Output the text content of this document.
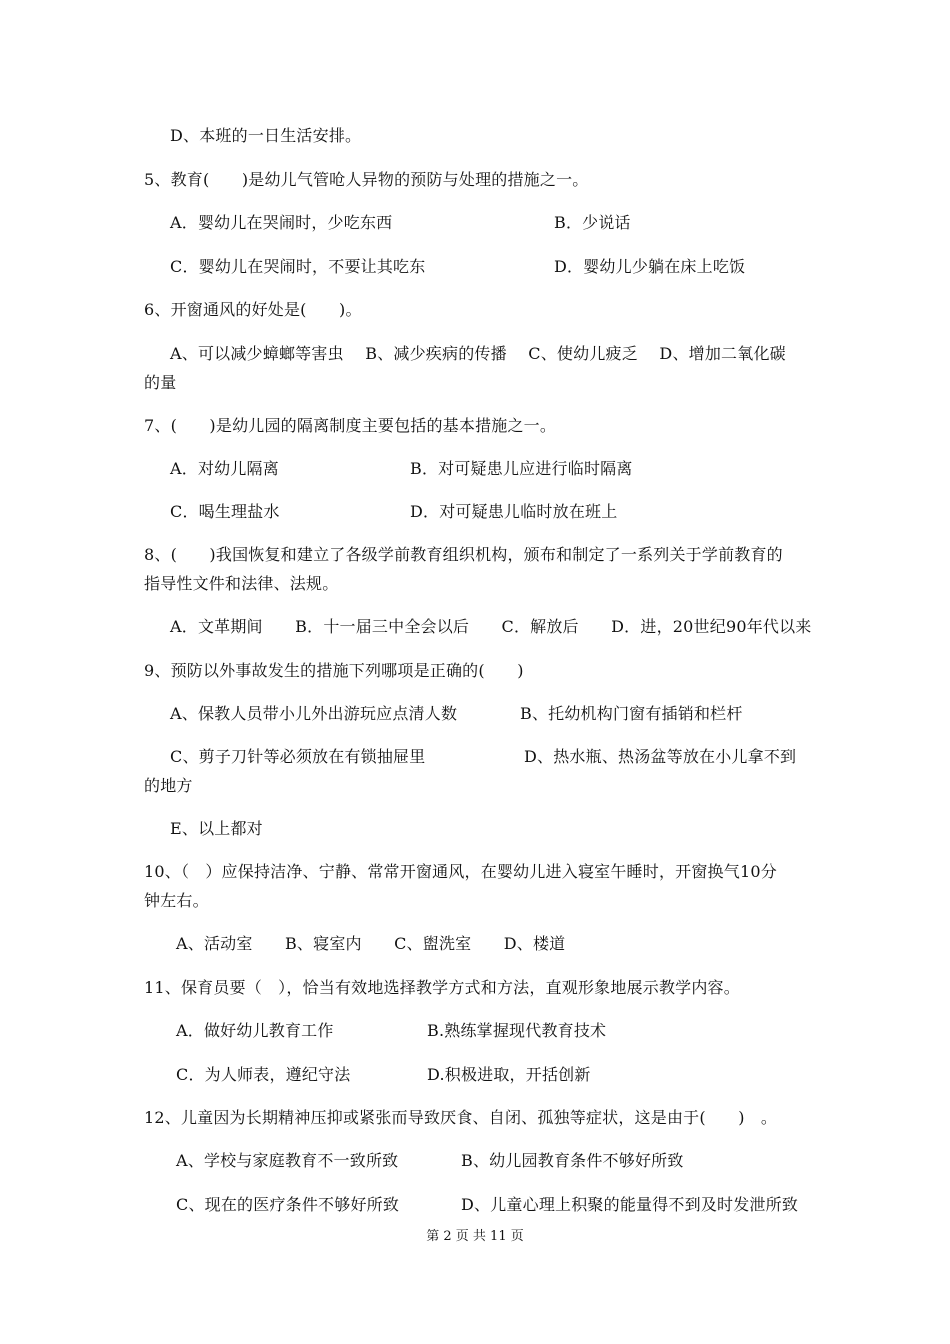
D、本班的一日生活安排。
5、教育(　　)是幼儿气管呛人异物的预防与处理的措施之一。
A．婴幼儿在哭闹时，少吃东西	B．少说话
C．婴幼儿在哭闹时，不要让其吃东	D．婴幼儿少躺在床上吃饭
6、开窗通风的好处是(　　)。
A、可以减少蟑螂等害虫　 B、减少疾病的传播　 C、使幼儿疲乏　 D、增加二氧化碳
的量
7、(　　)是幼儿园的隔离制度主要包括的基本措施之一。
A．对幼儿隔离	B．对可疑患儿应进行临时隔离
C．喝生理盐水	D．对可疑患儿临时放在班上
8、(　　)我国恢复和建立了各级学前教育组织机构，颁布和制定了一系列关于学前教育的
指导性文件和法律、法规。
A．文革期间　　B．十一届三中全会以后　　C．解放后　　D．进，20世纪90年代以来
9、预防以外事故发生的措施下列哪项是正确的(　　)
A、保教人员带小儿外出游玩应点清人数	B、托幼机构门窗有插销和栏杆
C、剪子刀针等必须放在有锁抽屉里	D、热水瓶、热汤盆等放在小儿拿不到
的地方
E、以上都对
10、（　）应保持洁净、宁静、常常开窗通风，在婴幼儿进入寝室午睡时，开窗换气10分
钟左右。
A、活动室　　B、寝室内　　C、盥洗室　　D、楼道
11、保育员要（　），恰当有效地选择教学方式和方法，直观形象地展示教学内容。
A．做好幼儿教育工作	B.熟练掌握现代教育技术
C．为人师表，遵纪守法	D.积极进取，开括创新
12、儿童因为长期精神压抑或紧张而导致厌食、自闭、孤独等症状，这是由于(　　)　。
A、学校与家庭教育不一致所致	B、幼儿园教育条件不够好所致
C、现在的医疗条件不够好所致	D、儿童心理上积聚的能量得不到及时发泄所致
第 2 页 共 11 页
